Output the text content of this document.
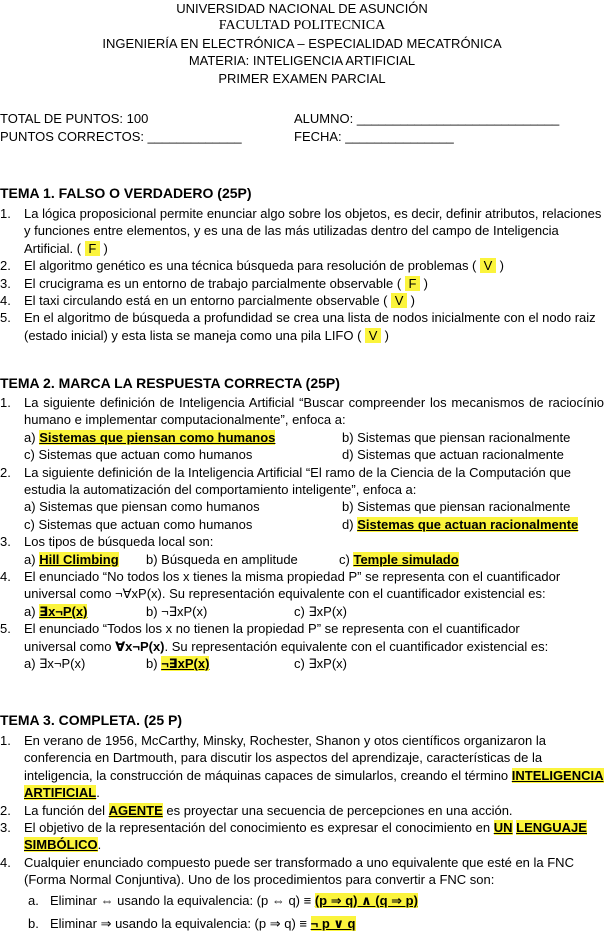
UNIVERSIDAD NACIONAL DE ASUNCIÓN
FACULTAD POLITECNICA
INGENIERÍA EN ELECTRÓNICA – ESPECIALIDAD MECATRÓNICA
MATERIA: INTELIGENCIA ARTIFICIAL
PRIMER EXAMEN PARCIAL
TOTAL DE PUNTOS: 100	ALUMNO: ____________________________
PUNTOS CORRECTOS: _____________	FECHA: _______________
TEMA 1. FALSO O VERDADERO (25P)
1.	La lógica proposicional permite enunciar algo sobre los objetos, es decir, definir atributos, relaciones y funciones entre elementos, y es una de las más utilizadas dentro del campo de Inteligencia Artificial. ( F )
2.	El algoritmo genético es una técnica búsqueda para resolución de problemas ( V )
3.	El crucigrama es un entorno de trabajo parcialmente observable ( F )
4.	El taxi circulando está en un entorno parcialmente observable ( V )
5.	En el algoritmo de búsqueda a profundidad se crea una lista de nodos inicialmente con el nodo raiz (estado inicial) y esta lista se maneja como una pila LIFO ( V )
TEMA 2. MARCA LA RESPUESTA CORRECTA (25P)
1.	La siguiente definición de Inteligencia Artificial “Buscar compreender los mecanismos de raciocínio humano e implementar computacionalmente”, enfoca a:
a) Sistemas que piensan como humanos	b) Sistemas que piensan racionalmente
c) Sistemas que actuan como humanos	d) Sistemas que actuan racionalmente
2.	La siguiente definición de la Inteligencia Artificial “El ramo de la Ciencia de la Computación que estudia la automatización del comportamiento inteligente”, enfoca a:
a) Sistemas que piensan como humanos	b) Sistemas que piensan racionalmente
c) Sistemas que actuan como humanos	d) Sistemas que actuan racionalmente
3.	Los tipos de búsqueda local son:
a) Hill Climbing	b) Búsqueda en amplitude	c) Temple simulado
4.	El enunciado “No todos los x tienes la misma propiedad P” se representa con el cuantificador
universal como ¬∀xP(x). Su representación equivalente con el cuantificador existencial es:
a) ∃x¬P(x)	b) ¬∃xP(x)	c) ∃xP(x)
5.	El enunciado “Todos los x no tienen la propiedad P” se representa con el cuantificador
universal como ∀x¬P(x). Su representación equivalente con el cuantificador existencial es:
a) ∃x¬P(x)	b) ¬∃xP(x)	c) ∃xP(x)
TEMA 3. COMPLETA. (25 P)
1.	En verano de 1956, McCarthy, Minsky, Rochester, Shanon y otos científicos organizaron la conferencia en Dartmouth, para discutir los aspectos del aprendizaje, características de la inteligencia, la construcción de máquinas capaces de simularlos, creando el término INTELIGENCIA ARTIFICIAL.
2.	La función del AGENTE es proyectar una secuencia de percepciones en una acción.
3.	El objetivo de la representación del conocimiento es expresar el conocimiento en UN LENGUAJE SIMBÓLICO.
4.	Cualquier enunciado compuesto puede ser transformado a uno equivalente que esté en la FNC (Forma Normal Conjuntiva). Uno de los procedimientos para convertir a FNC son:
a. Eliminar ⇔ usando la equivalencia: (p ⇔ q) ≡ (p ⇒ q) ∧ (q ⇒ p)
b. Eliminar ⇒ usando la equivalencia: (p ⇒ q) ≡ ¬ p ∨ q
